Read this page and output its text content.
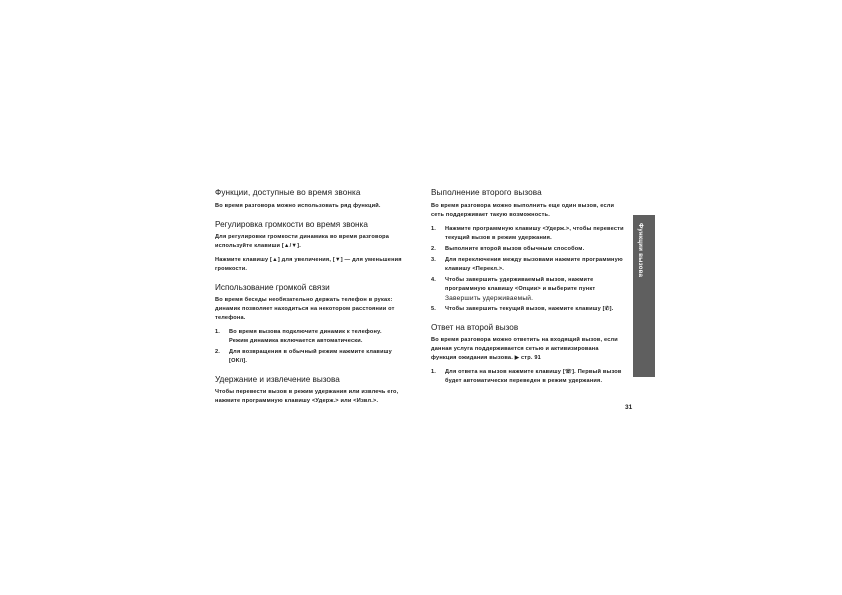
Функции, доступные во время звонка

Во время разговора можно использовать ряд функций.

Регулировка громкости во время звонка

Для регулировки громкости динамика во время разговора используйте клавиши [▲/▼].

Нажмите клавишу [▲] для увеличения, [▼] — для уменьшения громкости.

Использование громкой связи

Во время беседы необязательно держать телефон в руках: динамик позволяет находиться на некотором расстоянии от телефона.

1. Во время вызова подключите динамик к телефону.
Режим динамика включается автоматически.
2. Для возвращения в обычный режим нажмите клавишу [OK/i].
Удержание и извлечение вызова

Чтобы перевести вызов в режим удержания или извлечь его, нажмите программную клавишу <Удерж.> или <Извл.>.

Выполнение второго вызова

Во время разговора можно выполнить еще один вызов, если сеть поддерживает такую возможность.

1. Нажмите программную клавишу <Удерж.>, чтобы перевести текущий вызов в режим удержания.
2. Выполните второй вызов обычным способом.
3. Для переключения между вызовами нажмите программную клавишу <Перекл.>.
4. Чтобы завершить удерживаемый вызов, нажмите программную клавишу <Опции> и выберите пункт
Завершить удерживаемый.
5. Чтобы завершить текущий вызов, нажмите клавишу [✆].
Ответ на второй вызов

Во время разговора можно ответить на входящий вызов, если данная услуга поддерживается сетью и активизирована функция ожидания вызова. ▶ стр. 91

1. Для ответа на вызов нажмите клавишу [☏]. Первый вызов будет автоматически переведен в режим удержания.
Функции вызова
31
